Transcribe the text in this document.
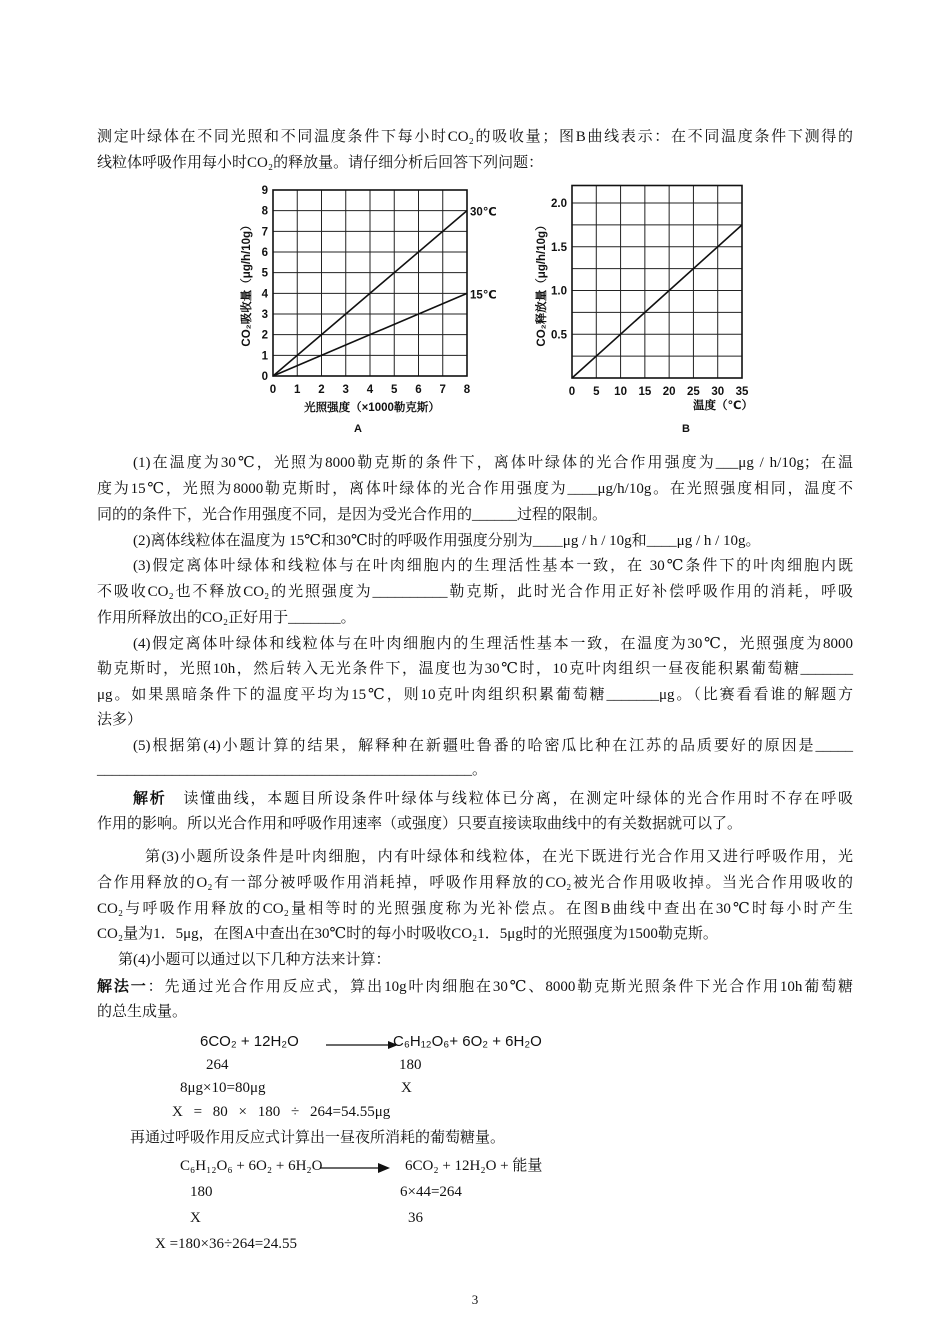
测定叶绿体在不同光照和不同温度条件下每小时CO₂的吸收量；图B曲线表示：在不同温度条件下测得的
线粒体呼吸作用每小时CO₂的释放量。请仔细分析后回答下列问题：
0 1 2 3 4 5 6 7 8
0
1
2
3
4
5
6
7
8
9
30℃
15℃
CO₂吸收量（μg/h/10g）
光照强度（×1000勒克斯）
A
0 5 10 15 20 25 30 35
0.5
1.0
1.5
2.0
CO₂释放量（μg/h/10g）
温度（℃）
B
(1)在温度为30℃，光照为8000勒克斯的条件下，离体叶绿体的光合作用强度为___μg / h/10g；在温
度为15℃，光照为8000勒克斯时，离体叶绿体的光合作用强度为____μg/h/10g。在光照强度相同，温度不
同的的条件下，光合作用强度不同，是因为受光合作用的______过程的限制。
(2)离体线粒体在温度为 15℃和30℃时的呼吸作用强度分别为____μg / h / 10g和____μg / h / 10g。
(3)假定离体叶绿体和线粒体与在叶肉细胞内的生理活性基本一致，在 30℃条件下的叶肉细胞内既
不吸收CO₂也不释放CO₂的光照强度为__________勒克斯，此时光合作用正好补偿呼吸作用的消耗，呼吸
作用所释放出的CO₂正好用于_______。
(4)假定离体叶绿体和线粒体与在叶肉细胞内的生理活性基本一致，在温度为30℃，光照强度为8000
勒克斯时，光照10h，然后转入无光条件下，温度也为30℃时，10克叶肉组织一昼夜能积累葡萄糖_______
μg。如果黑暗条件下的温度平均为15℃，则10克叶肉组织积累葡萄糖_______μg。（比赛看看谁的解题方
法多）
(5)根据第(4)小题计算的结果，解释种在新疆吐鲁番的哈密瓜比种在江苏的品质要好的原因是_____
__________________________________________________。
解析　读懂曲线，本题目所设条件叶绿体与线粒体已分离，在测定叶绿体的光合作用时不存在呼吸
作用的影响。所以光合作用和呼吸作用速率（或强度）只要直接读取曲线中的有关数据就可以了。
第(3)小题所设条件是叶肉细胞，内有叶绿体和线粒体，在光下既进行光合作用又进行呼吸作用，光
合作用释放的O₂有一部分被呼吸作用消耗掉，呼吸作用释放的CO₂被光合作用吸收掉。当光合作用吸收的
CO₂与呼吸作用释放的CO₂量相等时的光照强度称为光补偿点。在图B曲线中查出在30℃时每小时产生
CO₂量为1．5μg，在图A中查出在30℃时的每小时吸收CO₂1．5μg时的光照强度为1500勒克斯。
第(4)小题可以通过以下几种方法来计算：
解法一：先通过光合作用反应式，算出10g叶肉细胞在30℃、8000勒克斯光照条件下光合作用10h葡萄糖
的总生成量。
6CO₂ + 12H₂O	C₆H₁₂O₆+ 6O₂ + 6H₂O
264	180
8μg×10=80μg	X
X = 80 × 180 ÷ 264=54.55μg
再通过呼吸作用反应式计算出一昼夜所消耗的葡萄糖量。
C₆H₁₂O₆ + 6O₂ + 6H₂O	6CO₂ + 12H₂O + 能量
180	6×44=264
X	36
X =180×36÷264=24.55
3
